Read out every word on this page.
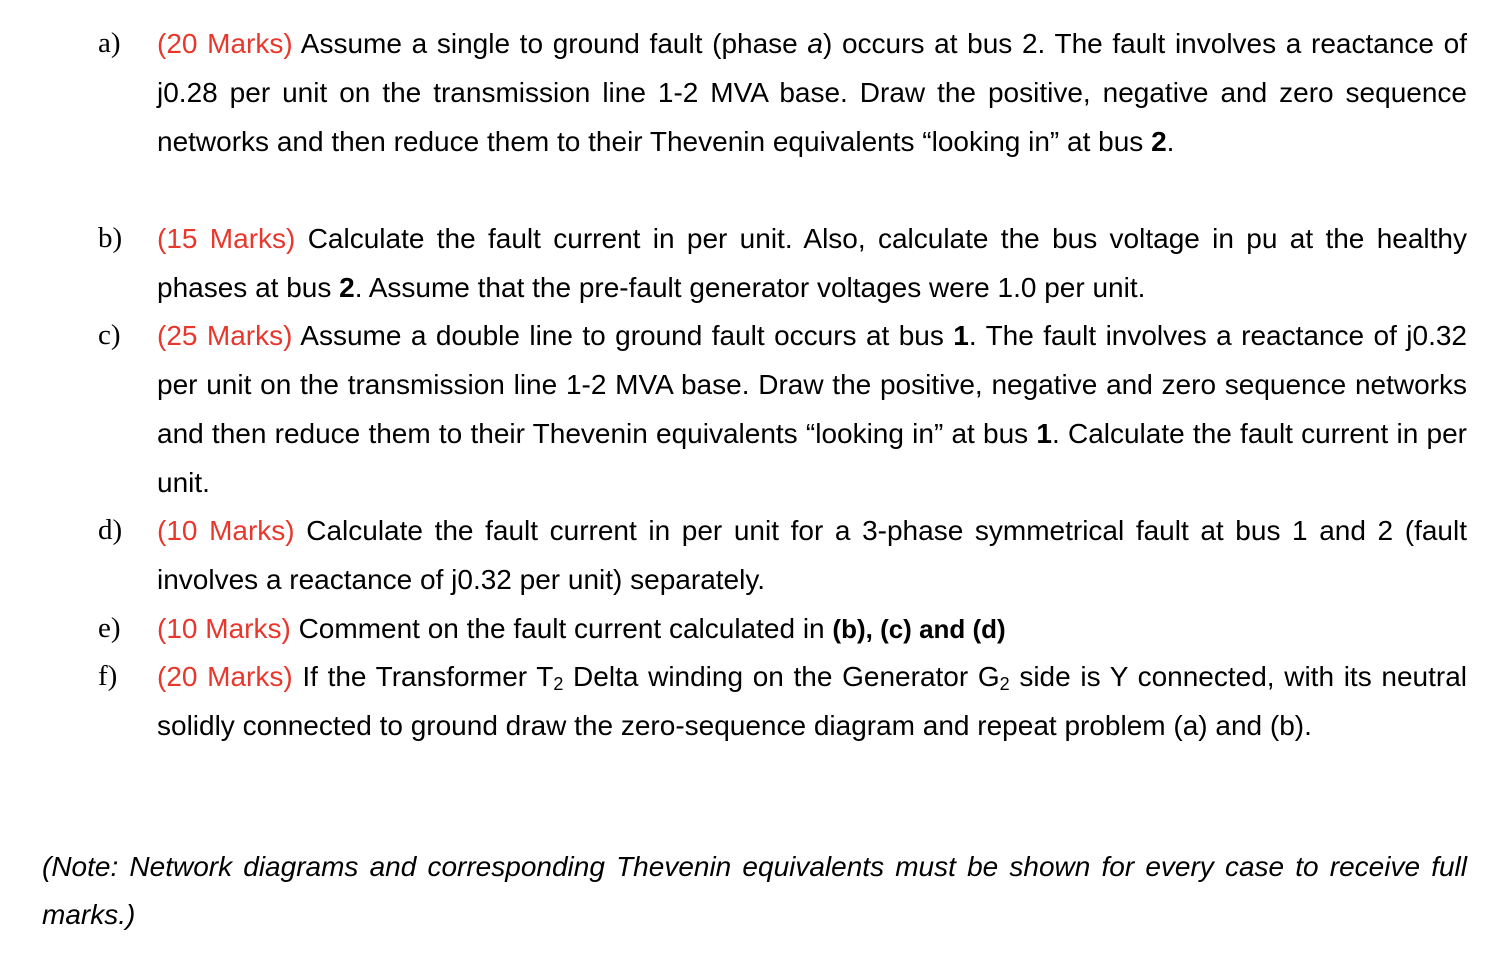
a)	(20 Marks) Assume a single to ground fault (phase a) occurs at bus 2. The fault involves a reactance of j0.28 per unit on the transmission line 1-2 MVA base. Draw the positive, negative and zero sequence networks and then reduce them to their Thevenin equivalents “looking in” at bus 2.
b)	(15 Marks) Calculate the fault current in per unit. Also, calculate the bus voltage in pu at the healthy phases at bus 2. Assume that the pre-fault generator voltages were 1.0 per unit.
c)	(25 Marks) Assume a double line to ground fault occurs at bus 1. The fault involves a reactance of j0.32 per unit on the transmission line 1-2 MVA base. Draw the positive, negative and zero sequence networks and then reduce them to their Thevenin equivalents “looking in” at bus 1. Calculate the fault current in per unit.
d)	(10 Marks) Calculate the fault current in per unit for a 3-phase symmetrical fault at bus 1 and 2 (fault involves a reactance of j0.32 per unit) separately.
e)	(10 Marks) Comment on the fault current calculated in (b), (c) and (d)
f)	(20 Marks) If the Transformer $T_2$ Delta winding on the Generator $G_2$ side is Y connected, with its neutral solidly connected to ground draw the zero-sequence diagram and repeat problem (a) and (b).
(Note: Network diagrams and corresponding Thevenin equivalents must be shown for every case to receive full marks.)
